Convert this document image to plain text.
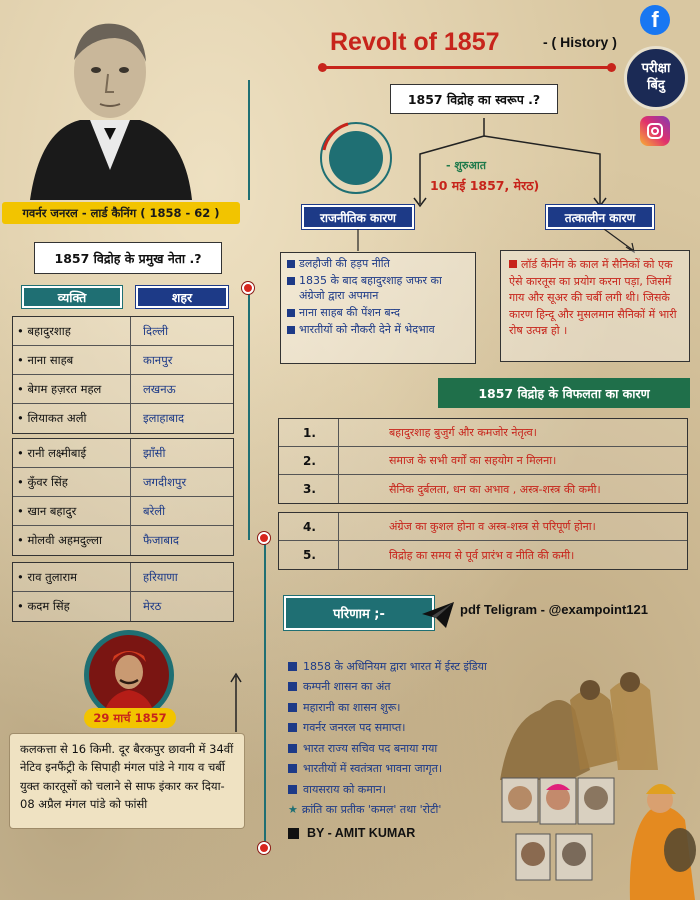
गवर्नर जनरल - लार्ड कैनिंग ( 1858 - 62 )
Revolt of 1857	- ( History )
f
परीक्षा
बिंदु
1857 विद्रोह का स्वरूप .?
- शुरुआत
10 मई 1857, मेरठ)
राजनीतिक कारण	तत्कालीन कारण
डलहौजी की हड़प नीति
1835 के बाद बहादुरशाह जफर का अंग्रेजो द्वारा अपमान
नाना साहब की पेंशन बन्द
भारतीयों को नौकरी देने में भेदभाव
लॉर्ड कैनिंग के काल में सैनिकों को एक ऐसे कारतूस का प्रयोग करना पड़ा, जिसमें गाय और सूअर की चर्बी लगी थी। जिसके कारण हिन्दू और मुसलमान सैनिकों में भारी रोष उत्पन्न हो ।
1857 विद्रोह के प्रमुख नेता .?
व्यक्ति	शहर
• बहादुरशाह	दिल्ली
• नाना साहब	कानपुर
• बेगम हज़रत महल	लखनऊ
• लियाकत अली	इलाहाबाद
• रानी लक्ष्मीबाई	झाँसी
• कुँवर सिंह	जगदीशपुर
• खान बहादुर	बरेली
• मोलवी अहमदुल्ला	फैजाबाद
• राव तुलाराम	हरियाणा
• कदम सिंह	मेरठ
1857 विद्रोह के विफलता का कारण
1.	बहादुरशाह बुजुर्ग और कमजोर नेतृत्व।
2.	समाज के सभी वर्गों का सहयोग न मिलना।
3.	सैनिक दुर्बलता, धन का अभाव , अस्त्र-शस्त्र की कमी।
4.	अंग्रेज का कुशल होना व अस्त्र-शस्त्र से परिपूर्ण होना।
5.	विद्रोह का समय से पूर्व प्रारंभ व नीति की कमी।
परिणाम ;-	pdf Teligram - @exampoint121
1858 के अधिनियम द्वारा भारत में ईस्ट इंडिया
कम्पनी शासन का अंत
महारानी का शासन शुरू।
गवर्नर जनरल पद समाप्त।
भारत राज्य सचिव पद बनाया गया
भारतीयों में स्वतंत्रता भावना जागृत।
वायसराय को कमान।
★ क्रांति का प्रतीक 'कमल' तथा 'रोटी'
BY - AMIT KUMAR
29 मार्च 1857
कलकत्ता से 16 किमी. दूर बैरकपुर छावनी में 34वीं नेटिव इनफैंट्री के सिपाही मंगल पांडे ने गाय व चर्बी युक्त कारतूसों को चलाने से साफ इंकार कर दिया- 08 अप्रैल मंगल पांडे को फांसी
